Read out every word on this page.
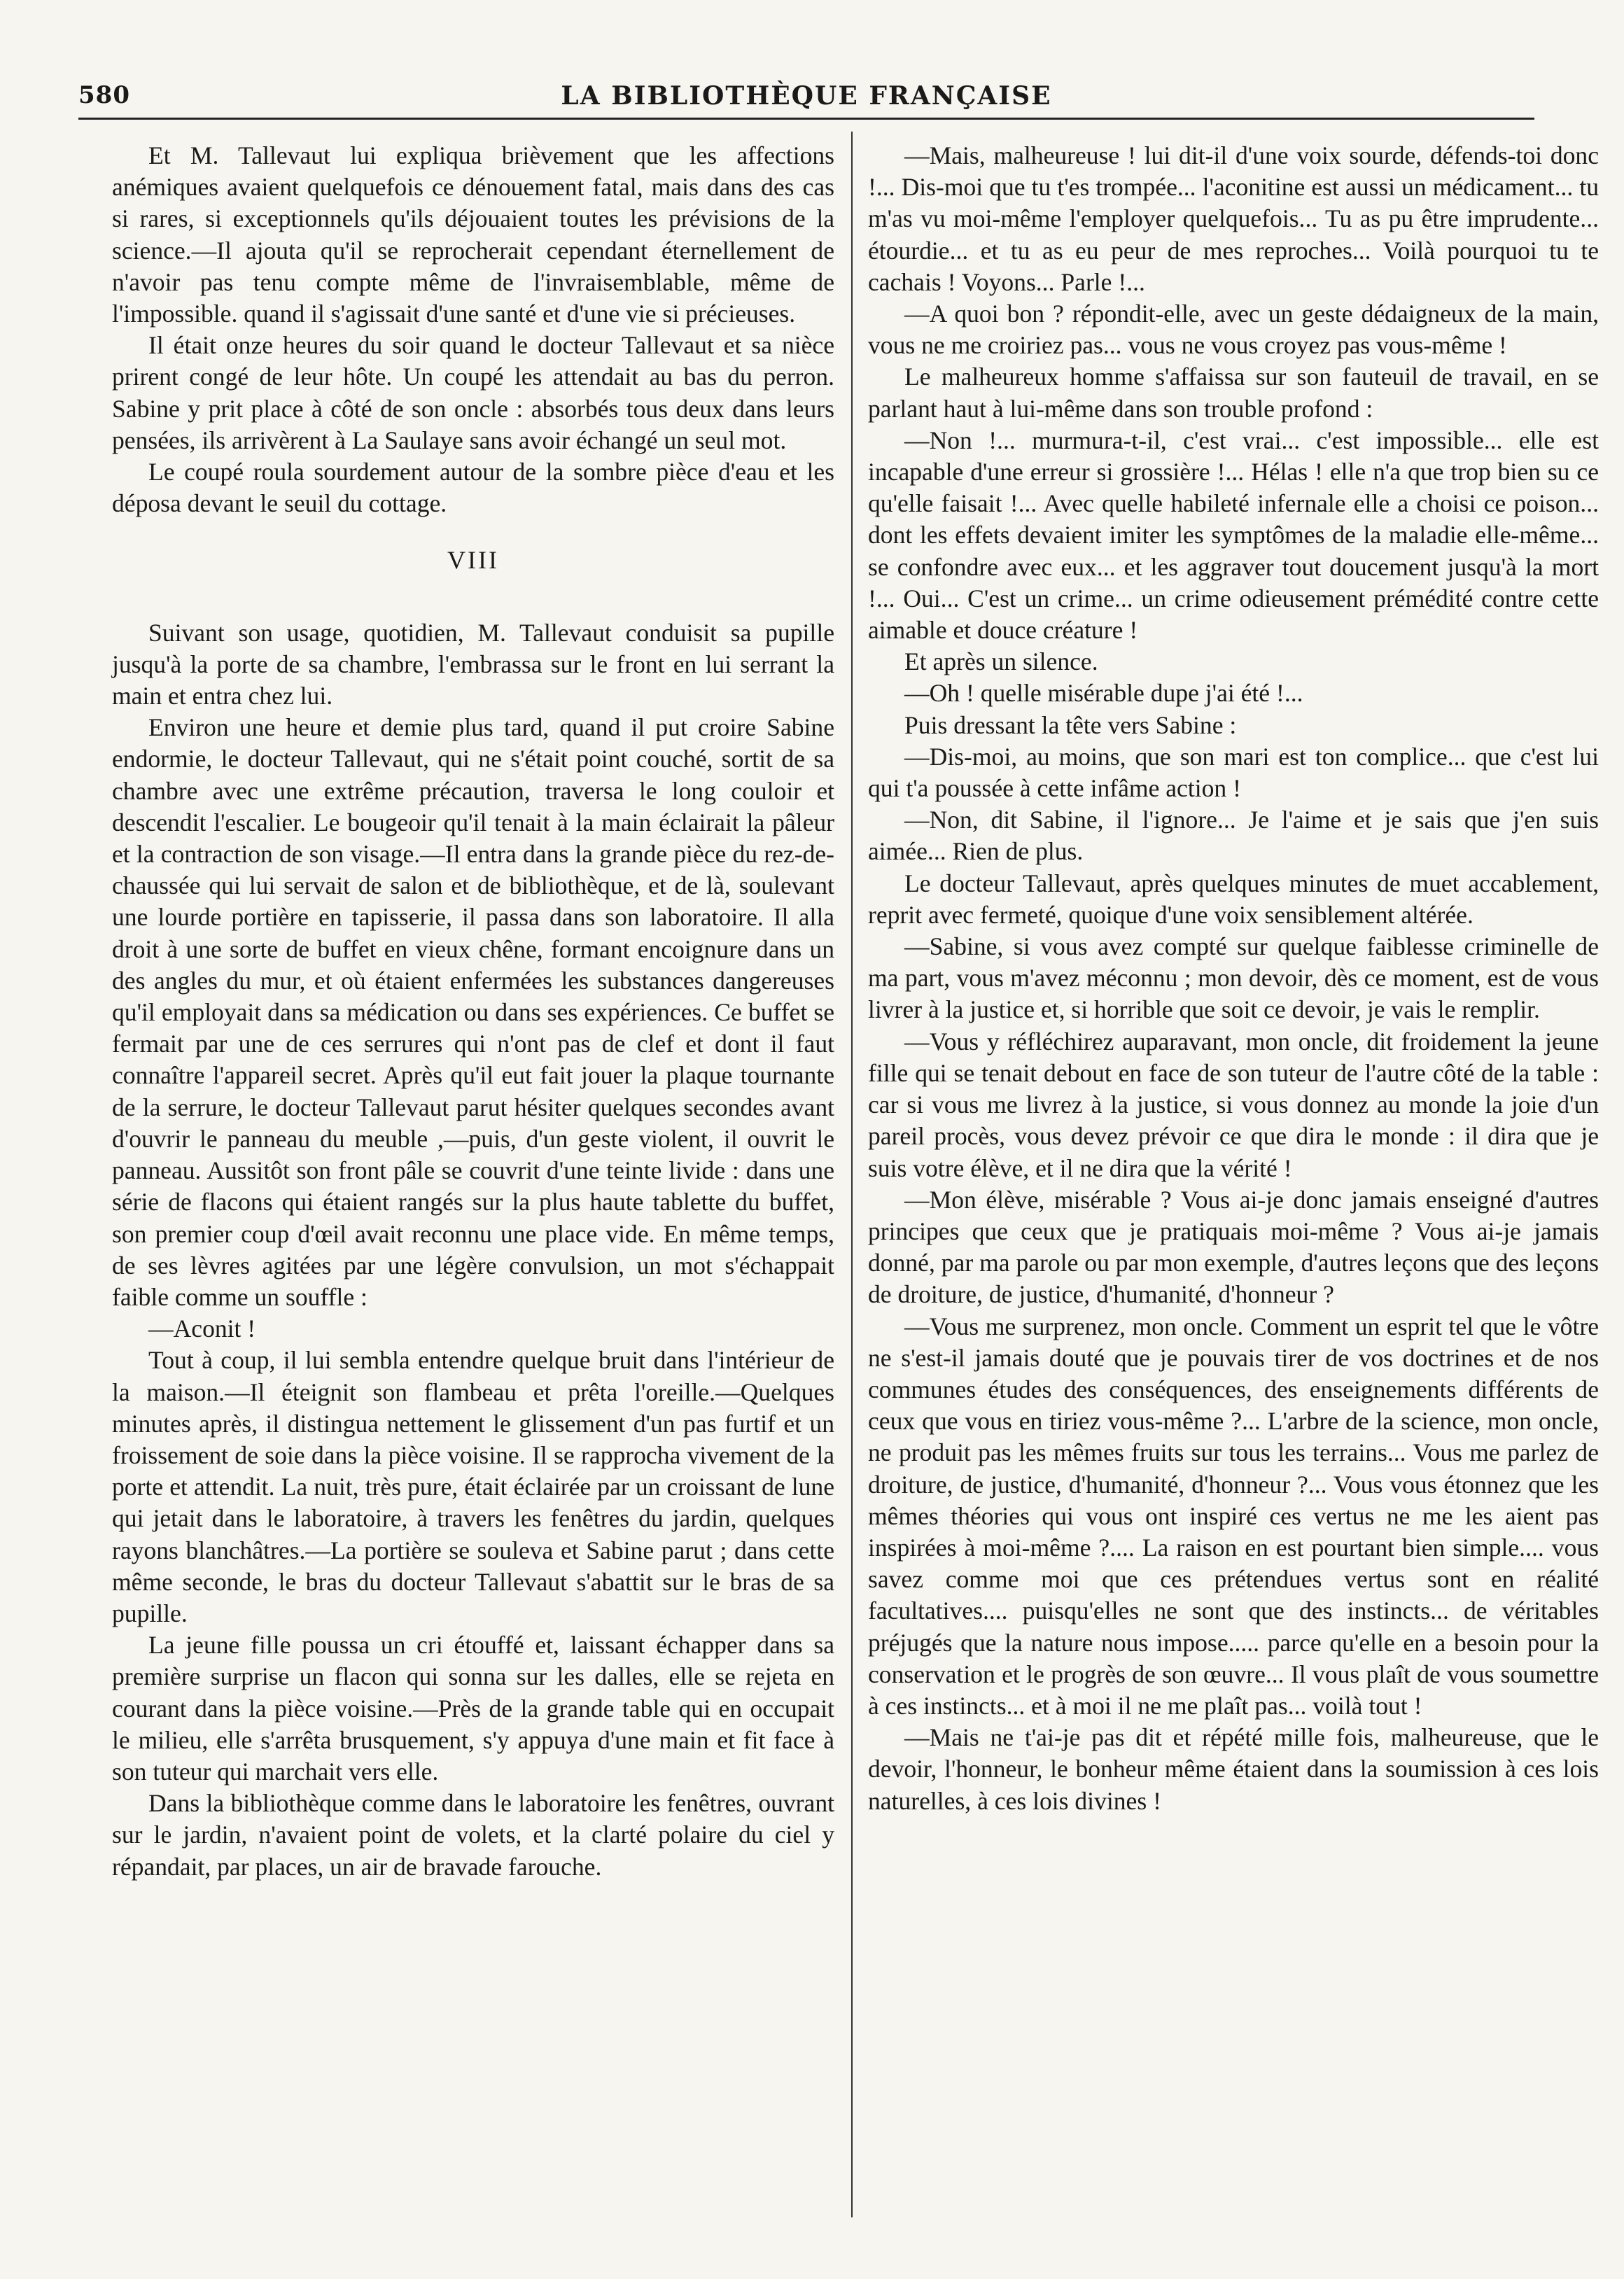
580	LA BIBLIOTHÈQUE FRANÇAISE

Et M. Tallevaut lui expliqua brièvement que les affections anémiques avaient quelquefois ce dénouement fatal, mais dans des cas si rares, si exceptionnels qu'ils déjouaient toutes les prévisions de la science.—Il ajouta qu'il se reprocherait cependant éternellement de n'avoir pas tenu compte même de l'invraisemblable, même de l'impossible. quand il s'agissait d'une santé et d'une vie si précieuses.

Il était onze heures du soir quand le docteur Tallevaut et sa nièce prirent congé de leur hôte. Un coupé les attendait au bas du perron. Sabine y prit place à côté de son oncle : absorbés tous deux dans leurs pensées, ils arrivèrent à La Saulaye sans avoir échangé un seul mot.

Le coupé roula sourdement autour de la sombre pièce d'eau et les déposa devant le seuil du cottage.

VIII

Suivant son usage, quotidien, M. Tallevaut conduisit sa pupille jusqu'à la porte de sa chambre, l'embrassa sur le front en lui serrant la main et entra chez lui.

Environ une heure et demie plus tard, quand il put croire Sabine endormie, le docteur Tallevaut, qui ne s'était point couché, sortit de sa chambre avec une extrême précaution, traversa le long couloir et descendit l'escalier. Le bougeoir qu'il tenait à la main éclairait la pâleur et la contraction de son visage.—Il entra dans la grande pièce du rez-de-chaussée qui lui servait de salon et de bibliothèque, et de là, soulevant une lourde portière en tapisserie, il passa dans son laboratoire. Il alla droit à une sorte de buffet en vieux chêne, formant encoignure dans un des angles du mur, et où étaient enfermées les substances dangereuses qu'il employait dans sa médication ou dans ses expériences. Ce buffet se fermait par une de ces serrures qui n'ont pas de clef et dont il faut connaître l'appareil secret. Après qu'il eut fait jouer la plaque tournante de la serrure, le docteur Tallevaut parut hésiter quelques secondes avant d'ouvrir le panneau du meuble ,—puis, d'un geste violent, il ouvrit le panneau. Aussitôt son front pâle se couvrit d'une teinte livide : dans une série de flacons qui étaient rangés sur la plus haute tablette du buffet, son premier coup d'œil avait reconnu une place vide. En même temps, de ses lèvres agitées par une légère convulsion, un mot s'échappait faible comme un souffle :

—Aconit !

Tout à coup, il lui sembla entendre quelque bruit dans l'intérieur de la maison.—Il éteignit son flambeau et prêta l'oreille.—Quelques minutes après, il distingua nettement le glissement d'un pas furtif et un froissement de soie dans la pièce voisine. Il se rapprocha vivement de la porte et attendit. La nuit, très pure, était éclairée par un croissant de lune qui jetait dans le laboratoire, à travers les fenêtres du jardin, quelques rayons blanchâtres.—La portière se souleva et Sabine parut ; dans cette même seconde, le bras du docteur Tallevaut s'abattit sur le bras de sa pupille.

La jeune fille poussa un cri étouffé et, laissant échapper dans sa première surprise un flacon qui sonna sur les dalles, elle se rejeta en courant dans la pièce voisine.—Près de la grande table qui en occupait le milieu, elle s'arrêta brusquement, s'y appuya d'une main et fit face à son tuteur qui marchait vers elle.

Dans la bibliothèque comme dans le laboratoire les fenêtres, ouvrant sur le jardin, n'avaient point de volets, et la clarté polaire du ciel y répandait, par places, un air de bravade farouche.

—Mais, malheureuse ! lui dit-il d'une voix sourde, défends-toi donc !... Dis-moi que tu t'es trompée... l'aconitine est aussi un médicament... tu m'as vu moi-même l'employer quelquefois... Tu as pu être imprudente... étourdie... et tu as eu peur de mes reproches... Voilà pourquoi tu te cachais ! Voyons... Parle !...

—A quoi bon ? répondit-elle, avec un geste dédaigneux de la main, vous ne me croiriez pas... vous ne vous croyez pas vous-même !

Le malheureux homme s'affaissa sur son fauteuil de travail, en se parlant haut à lui-même dans son trouble profond :

—Non !... murmura-t-il, c'est vrai... c'est impossible... elle est incapable d'une erreur si grossière !... Hélas ! elle n'a que trop bien su ce qu'elle faisait !... Avec quelle habileté infernale elle a choisi ce poison... dont les effets devaient imiter les symptômes de la maladie elle-même... se confondre avec eux... et les aggraver tout doucement jusqu'à la mort !... Oui... C'est un crime... un crime odieusement prémédité contre cette aimable et douce créature !

Et après un silence.

—Oh ! quelle misérable dupe j'ai été !...

Puis dressant la tête vers Sabine :

—Dis-moi, au moins, que son mari est ton complice... que c'est lui qui t'a poussée à cette infâme action !

—Non, dit Sabine, il l'ignore... Je l'aime et je sais que j'en suis aimée... Rien de plus.

Le docteur Tallevaut, après quelques minutes de muet accablement, reprit avec fermeté, quoique d'une voix sensiblement altérée.

—Sabine, si vous avez compté sur quelque faiblesse criminelle de ma part, vous m'avez méconnu ; mon devoir, dès ce moment, est de vous livrer à la justice et, si horrible que soit ce devoir, je vais le remplir.

—Vous y réfléchirez auparavant, mon oncle, dit froidement la jeune fille qui se tenait debout en face de son tuteur de l'autre côté de la table : car si vous me livrez à la justice, si vous donnez au monde la joie d'un pareil procès, vous devez prévoir ce que dira le monde : il dira que je suis votre élève, et il ne dira que la vérité !

—Mon élève, misérable ? Vous ai-je donc jamais enseigné d'autres principes que ceux que je pratiquais moi-même ? Vous ai-je jamais donné, par ma parole ou par mon exemple, d'autres leçons que des leçons de droiture, de justice, d'humanité, d'honneur ?

—Vous me surprenez, mon oncle. Comment un esprit tel que le vôtre ne s'est-il jamais douté que je pouvais tirer de vos doctrines et de nos communes études des conséquences, des enseignements différents de ceux que vous en tiriez vous-même ?... L'arbre de la science, mon oncle, ne produit pas les mêmes fruits sur tous les terrains... Vous me parlez de droiture, de justice, d'humanité, d'honneur ?... Vous vous étonnez que les mêmes théories qui vous ont inspiré ces vertus ne me les aient pas inspirées à moi-même ?.... La raison en est pourtant bien simple.... vous savez comme moi que ces prétendues vertus sont en réalité facultatives.... puisqu'elles ne sont que des instincts... de véritables préjugés que la nature nous impose..... parce qu'elle en a besoin pour la conservation et le progrès de son œuvre... Il vous plaît de vous soumettre à ces instincts... et à moi il ne me plaît pas... voilà tout !

—Mais ne t'ai-je pas dit et répété mille fois, malheureuse, que le devoir, l'honneur, le bonheur même étaient dans la soumission à ces lois naturelles, à ces lois divines !
